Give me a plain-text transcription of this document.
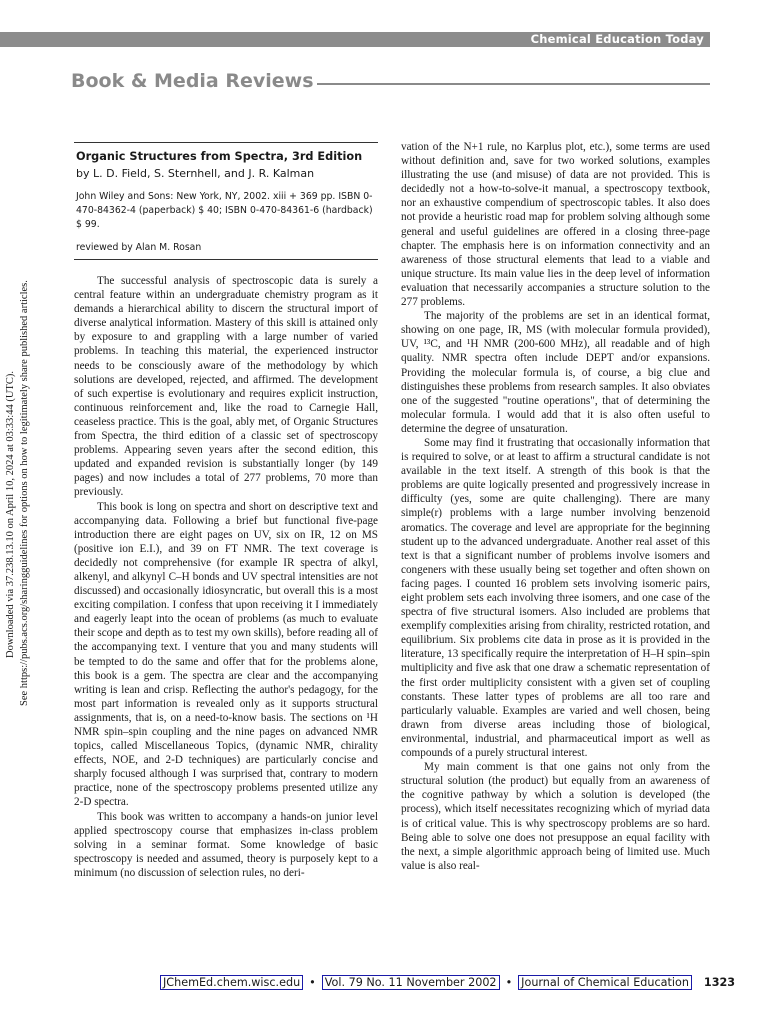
Chemical Education Today
Book & Media Reviews
Downloaded via 37.238.13.10 on April 10, 2024 at 03:33:44 (UTC). See https://pubs.acs.org/sharingguidelines for options on how to legitimately share published articles.

Organic Structures from Spectra, 3rd Edition

by L. D. Field, S. Sternhell, and J. R. Kalman

John Wiley and Sons: New York, NY, 2002. xiii + 369 pp. ISBN 0-470-84362-4 (paperback) $ 40; ISBN 0-470-84361-6 (hardback) $ 99.

reviewed by Alan M. Rosan

The successful analysis of spectroscopic data is surely a central feature within an undergraduate chemistry program as it demands a hierarchical ability to discern the structural import of diverse analytical information. Mastery of this skill is attained only by exposure to and grappling with a large number of varied problems. In teaching this material, the experienced instructor needs to be consciously aware of the methodology by which solutions are developed, rejected, and affirmed. The development of such expertise is evolutionary and requires explicit instruction, continuous reinforcement and, like the road to Carnegie Hall, ceaseless practice. This is the goal, ably met, of Organic Structures from Spectra, the third edition of a classic set of spectroscopy problems. Appearing seven years after the second edition, this updated and expanded revision is substantially longer (by 149 pages) and now includes a total of 277 problems, 70 more than previously.

This book is long on spectra and short on descriptive text and accompanying data. Following a brief but functional five-page introduction there are eight pages on UV, six on IR, 12 on MS (positive ion E.I.), and 39 on FT NMR. The text coverage is decidedly not comprehensive (for example IR spectra of alkyl, alkenyl, and alkynyl C–H bonds and UV spectral intensities are not discussed) and occasionally idiosyncratic, but overall this is a most exciting compilation. I confess that upon receiving it I immediately and eagerly leapt into the ocean of problems (as much to evaluate their scope and depth as to test my own skills), before reading all of the accompanying text. I venture that you and many students will be tempted to do the same and offer that for the problems alone, this book is a gem. The spectra are clear and the accompanying writing is lean and crisp. Reflecting the author's pedagogy, for the most part information is revealed only as it supports structural assignments, that is, on a need-to-know basis. The sections on ¹H NMR spin–spin coupling and the nine pages on advanced NMR topics, called Miscellaneous Topics, (dynamic NMR, chirality effects, NOE, and 2-D techniques) are particularly concise and sharply focused although I was surprised that, contrary to modern practice, none of the spectroscopy problems presented utilize any 2-D spectra.

This book was written to accompany a hands-on junior level applied spectroscopy course that emphasizes in-class problem solving in a seminar format. Some knowledge of basic spectroscopy is needed and assumed, theory is purposely kept to a minimum (no discussion of selection rules, no deri-

vation of the N+1 rule, no Karplus plot, etc.), some terms are used without definition and, save for two worked solutions, examples illustrating the use (and misuse) of data are not provided. This is decidedly not a how-to-solve-it manual, a spectroscopy textbook, nor an exhaustive compendium of spectroscopic tables. It also does not provide a heuristic road map for problem solving although some general and useful guidelines are offered in a closing three-page chapter. The emphasis here is on information connectivity and an awareness of those structural elements that lead to a viable and unique structure. Its main value lies in the deep level of information evaluation that necessarily accompanies a structure solution to the 277 problems.

The majority of the problems are set in an identical format, showing on one page, IR, MS (with molecular formula provided), UV, ¹³C, and ¹H NMR (200-600 MHz), all readable and of high quality. NMR spectra often include DEPT and/or expansions. Providing the molecular formula is, of course, a big clue and distinguishes these problems from research samples. It also obviates one of the suggested "routine operations", that of determining the molecular formula. I would add that it is also often useful to determine the degree of unsaturation.

Some may find it frustrating that occasionally information that is required to solve, or at least to affirm a structural candidate is not available in the text itself. A strength of this book is that the problems are quite logically presented and progressively increase in difficulty (yes, some are quite challenging). There are many simple(r) problems with a large number involving benzenoid aromatics. The coverage and level are appropriate for the beginning student up to the advanced undergraduate. Another real asset of this text is that a significant number of problems involve isomers and congeners with these usually being set together and often shown on facing pages. I counted 16 problem sets involving isomeric pairs, eight problem sets each involving three isomers, and one case of the spectra of five structural isomers. Also included are problems that exemplify complexities arising from chirality, restricted rotation, and equilibrium. Six problems cite data in prose as it is provided in the literature, 13 specifically require the interpretation of H–H spin–spin multiplicity and five ask that one draw a schematic representation of the first order multiplicity consistent with a given set of coupling constants. These latter types of problems are all too rare and particularly valuable. Examples are varied and well chosen, being drawn from diverse areas including those of biological, environmental, industrial, and pharmaceutical import as well as compounds of a purely structural interest.

My main comment is that one gains not only from the structural solution (the product) but equally from an awareness of the cognitive pathway by which a solution is developed (the process), which itself necessitates recognizing which of myriad data is of critical value. This is why spectroscopy problems are so hard. Being able to solve one does not presuppose an equal facility with the next, a simple algorithmic approach being of limited use. Much value is also real-

JChemEd.chem.wisc.edu • Vol. 79 No. 11 November 2002 • Journal of Chemical Education 1323
